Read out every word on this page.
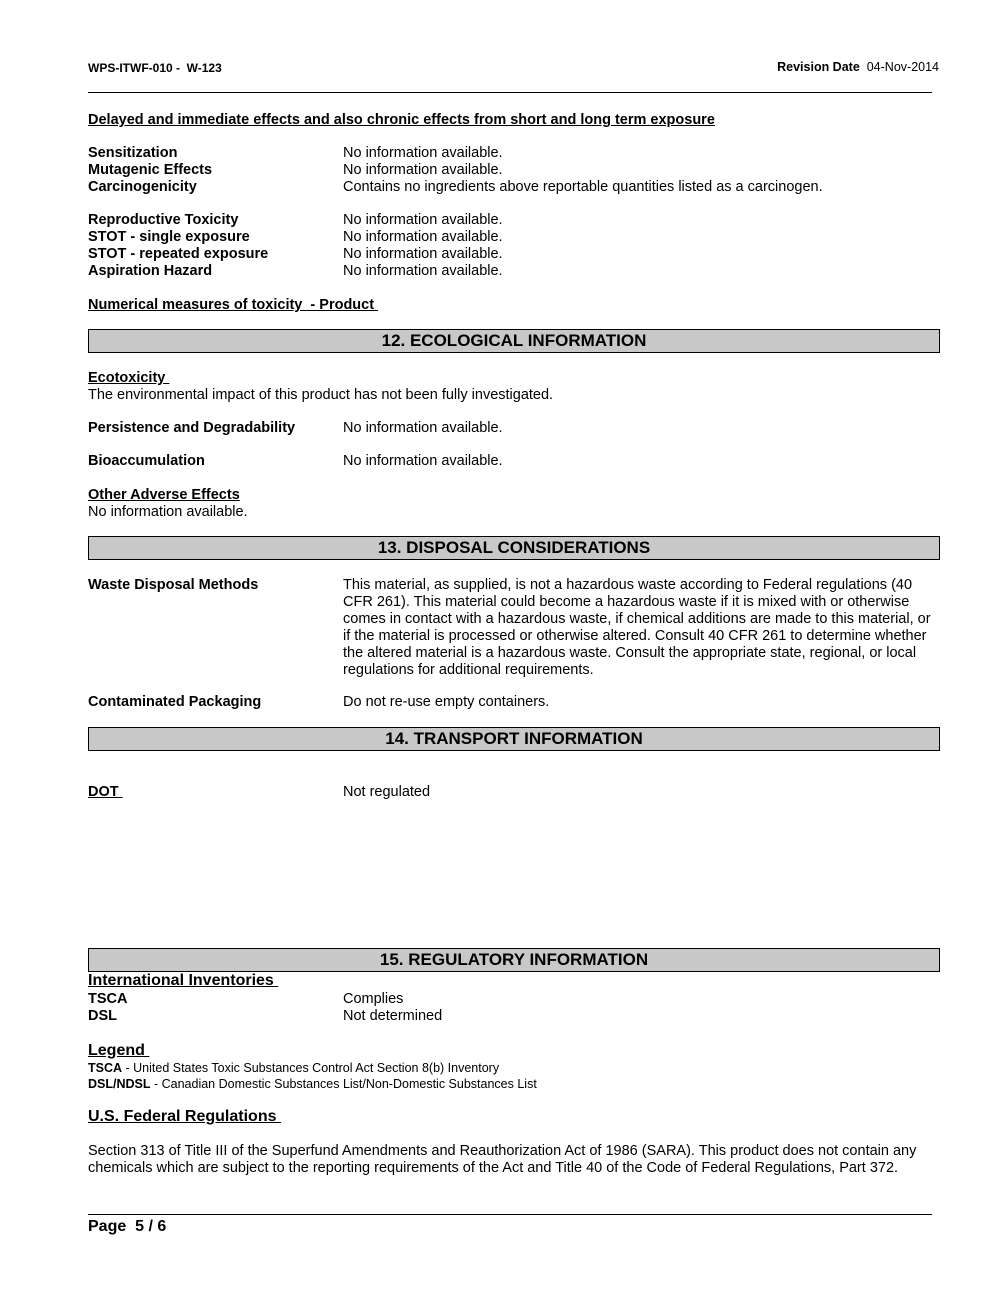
WPS-ITWF-010 -  W-123	Revision Date 04-Nov-2014
Delayed and immediate effects and also chronic effects from short and long term exposure
Sensitization	No information available.
Mutagenic Effects	No information available.
Carcinogenicity	Contains no ingredients above reportable quantities listed as a carcinogen.
Reproductive Toxicity	No information available.
STOT - single exposure	No information available.
STOT - repeated exposure	No information available.
Aspiration Hazard	No information available.
Numerical measures of toxicity  - Product
12. ECOLOGICAL INFORMATION
Ecotoxicity
The environmental impact of this product has not been fully investigated.
Persistence and Degradability	No information available.
Bioaccumulation	No information available.
Other Adverse Effects
No information available.
13. DISPOSAL CONSIDERATIONS
Waste Disposal Methods	This material, as supplied, is not a hazardous waste according to Federal regulations (40
CFR 261). This material could become a hazardous waste if it is mixed with or otherwise
comes in contact with a hazardous waste, if chemical additions are made to this material, or
if the material is processed or otherwise altered. Consult 40 CFR 261 to determine whether
the altered material is a hazardous waste. Consult the appropriate state, regional, or local
regulations for additional requirements.
Contaminated Packaging	Do not re-use empty containers.
14. TRANSPORT INFORMATION
DOT	Not regulated
15. REGULATORY INFORMATION
International Inventories
TSCA	Complies
DSL	Not determined
Legend
TSCA - United States Toxic Substances Control Act Section 8(b) Inventory
DSL/NDSL - Canadian Domestic Substances List/Non-Domestic Substances List
U.S. Federal Regulations
Section 313 of Title III of the Superfund Amendments and Reauthorization Act of 1986 (SARA). This product does not contain any
chemicals which are subject to the reporting requirements of the Act and Title 40 of the Code of Federal Regulations, Part 372.
Page  5 / 6
